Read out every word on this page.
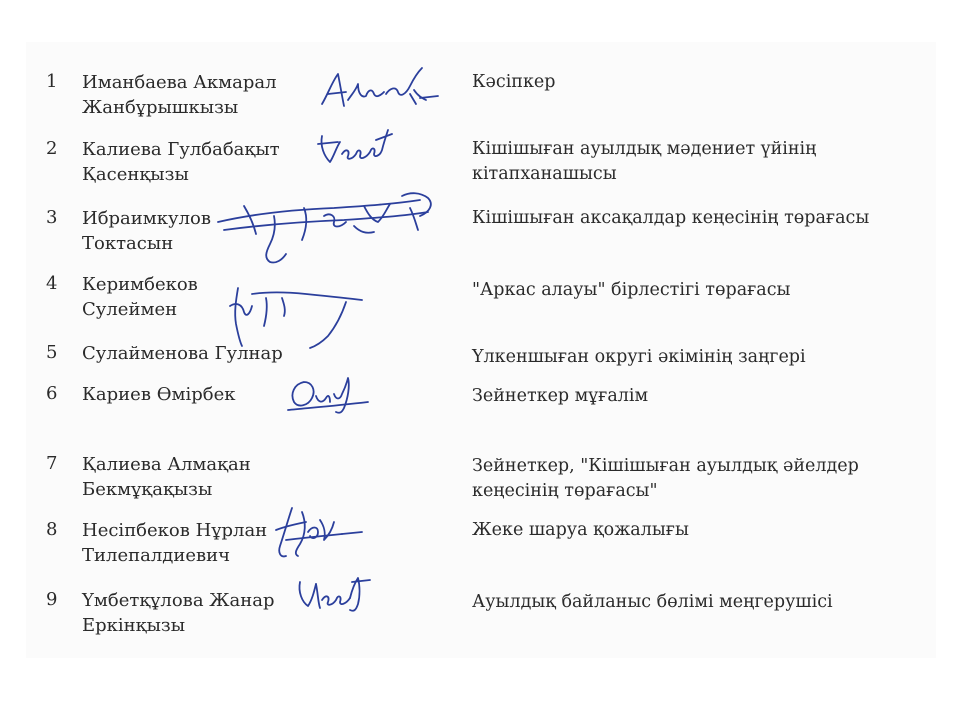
1 Иманбаева Акмарал
Жанбұрышкызы
Кәсіпкер
2 Калиева Гулбабақыт
Қасенқызы
Кішішыған ауылдық мәдениет үйінің
кітапханашысы
3 Ибраимкулов
Токтасын
Кішішыған аксақалдар кеңесінің төрағасы
4 Керимбеков
Сулеймен
"Аркас алауы" бірлестігі төрағасы
5 Сулайменова Гулнар	Үлкеншыған округі әкімінің заңгері
6 Кариев Өмірбек	Зейнеткер мұғалім
7 Қалиева Алмақан
Бекмұқақызы
Зейнеткер, "Кішішыған ауылдық әйелдер
кеңесінің төрағасы"
8 Несіпбеков Нұрлан
Тилепалдиевич
Жеке шаруа қожалығы
9 Үмбетқұлова Жанар
Еркінқызы
Ауылдық байланыс бөлімі меңгерушісі
